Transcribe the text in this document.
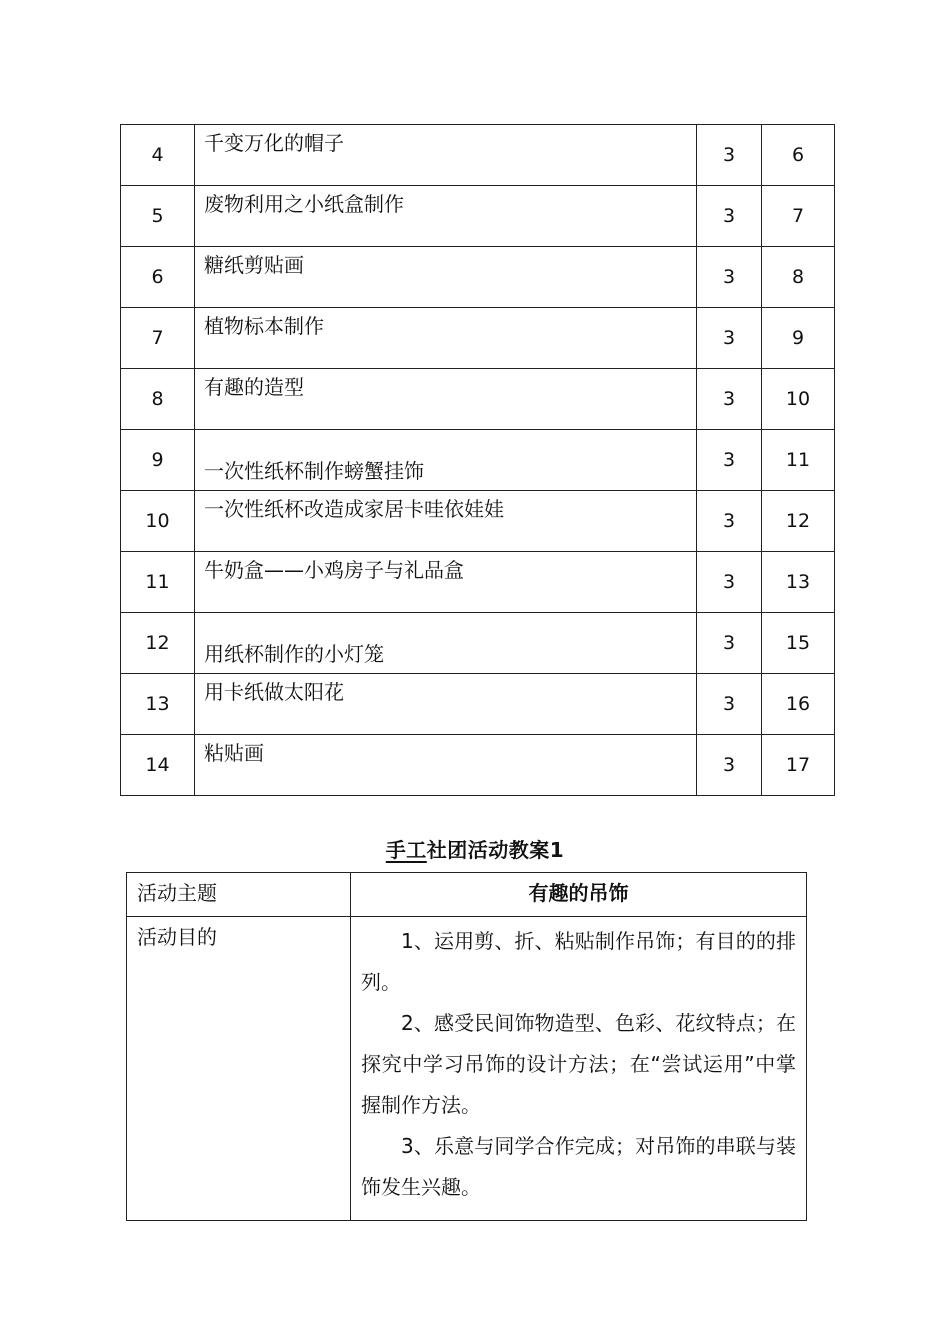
4	千变万化的帽子	3	6
5	废物利用之小纸盒制作	3	7
6	糖纸剪贴画	3	8
7	植物标本制作	3	9
8	有趣的造型	3	10
9	一次性纸杯制作螃蟹挂饰	3	11
10	一次性纸杯改造成家居卡哇依娃娃	3	12
11	牛奶盒——小鸡房子与礼品盒	3	13
12	用纸杯制作的小灯笼	3	15
13	用卡纸做太阳花	3	16
14	粘贴画	3	17
手工社团活动教案1
活动主题	有趣的吊饰
活动目的	1、运用剪、折、粘贴制作吊饰；有目的的排列。

2、感受民间饰物造型、色彩、花纹特点；在探究中学习吊饰的设计方法；在“尝试运用”中掌握制作方法。

3、乐意与同学合作完成；对吊饰的串联与装饰发生兴趣。
